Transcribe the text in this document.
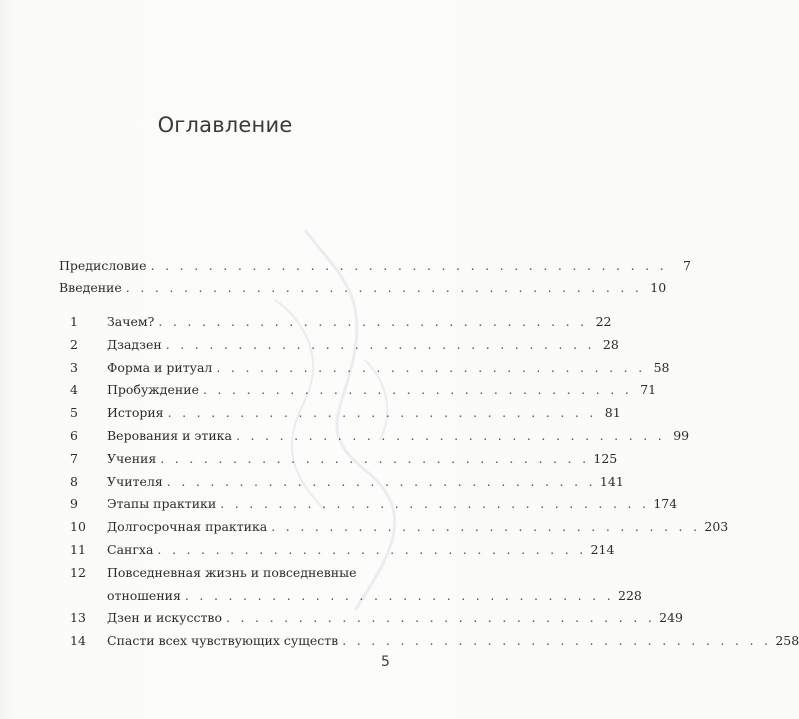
Оглавление
Предисловие . . . . . . . . . . . . . . . . . . . . . . . . . . . . . . . . . . . .	7
Введение . . . . . . . . . . . . . . . . . . . . . . . . . . . . . . . . . . . . 10
1	Зачем? . . . . . . . . . . . . . . . . . . . . . . . . . . . . . . 22
2	Дзадзен . . . . . . . . . . . . . . . . . . . . . . . . . . . . . . 28
3	Форма и ритуал . . . . . . . . . . . . . . . . . . . . . . . . . . . . . . 58
4	Пробуждение . . . . . . . . . . . . . . . . . . . . . . . . . . . . . . 71
5	История . . . . . . . . . . . . . . . . . . . . . . . . . . . . . . 81
6	Верования и этика . . . . . . . . . . . . . . . . . . . . . . . . . . . . . . 99
7	Учения . . . . . . . . . . . . . . . . . . . . . . . . . . . . . . 125
8	Учителя . . . . . . . . . . . . . . . . . . . . . . . . . . . . . . 141
9	Этапы практики . . . . . . . . . . . . . . . . . . . . . . . . . . . . . . 174
10	Долгосрочная практика . . . . . . . . . . . . . . . . . . . . . . . . . . . . . . 203
11	Сангха . . . . . . . . . . . . . . . . . . . . . . . . . . . . . . 214
12	Повседневная жизнь и повседневные
отношения . . . . . . . . . . . . . . . . . . . . . . . . . . . . . . 228
13	Дзен и искусство . . . . . . . . . . . . . . . . . . . . . . . . . . . . . . 249
14	Спасти всех чувствующих существ . . . . . . . . . . . . . . . . . . . . . . . . . . . . . . 258
5
